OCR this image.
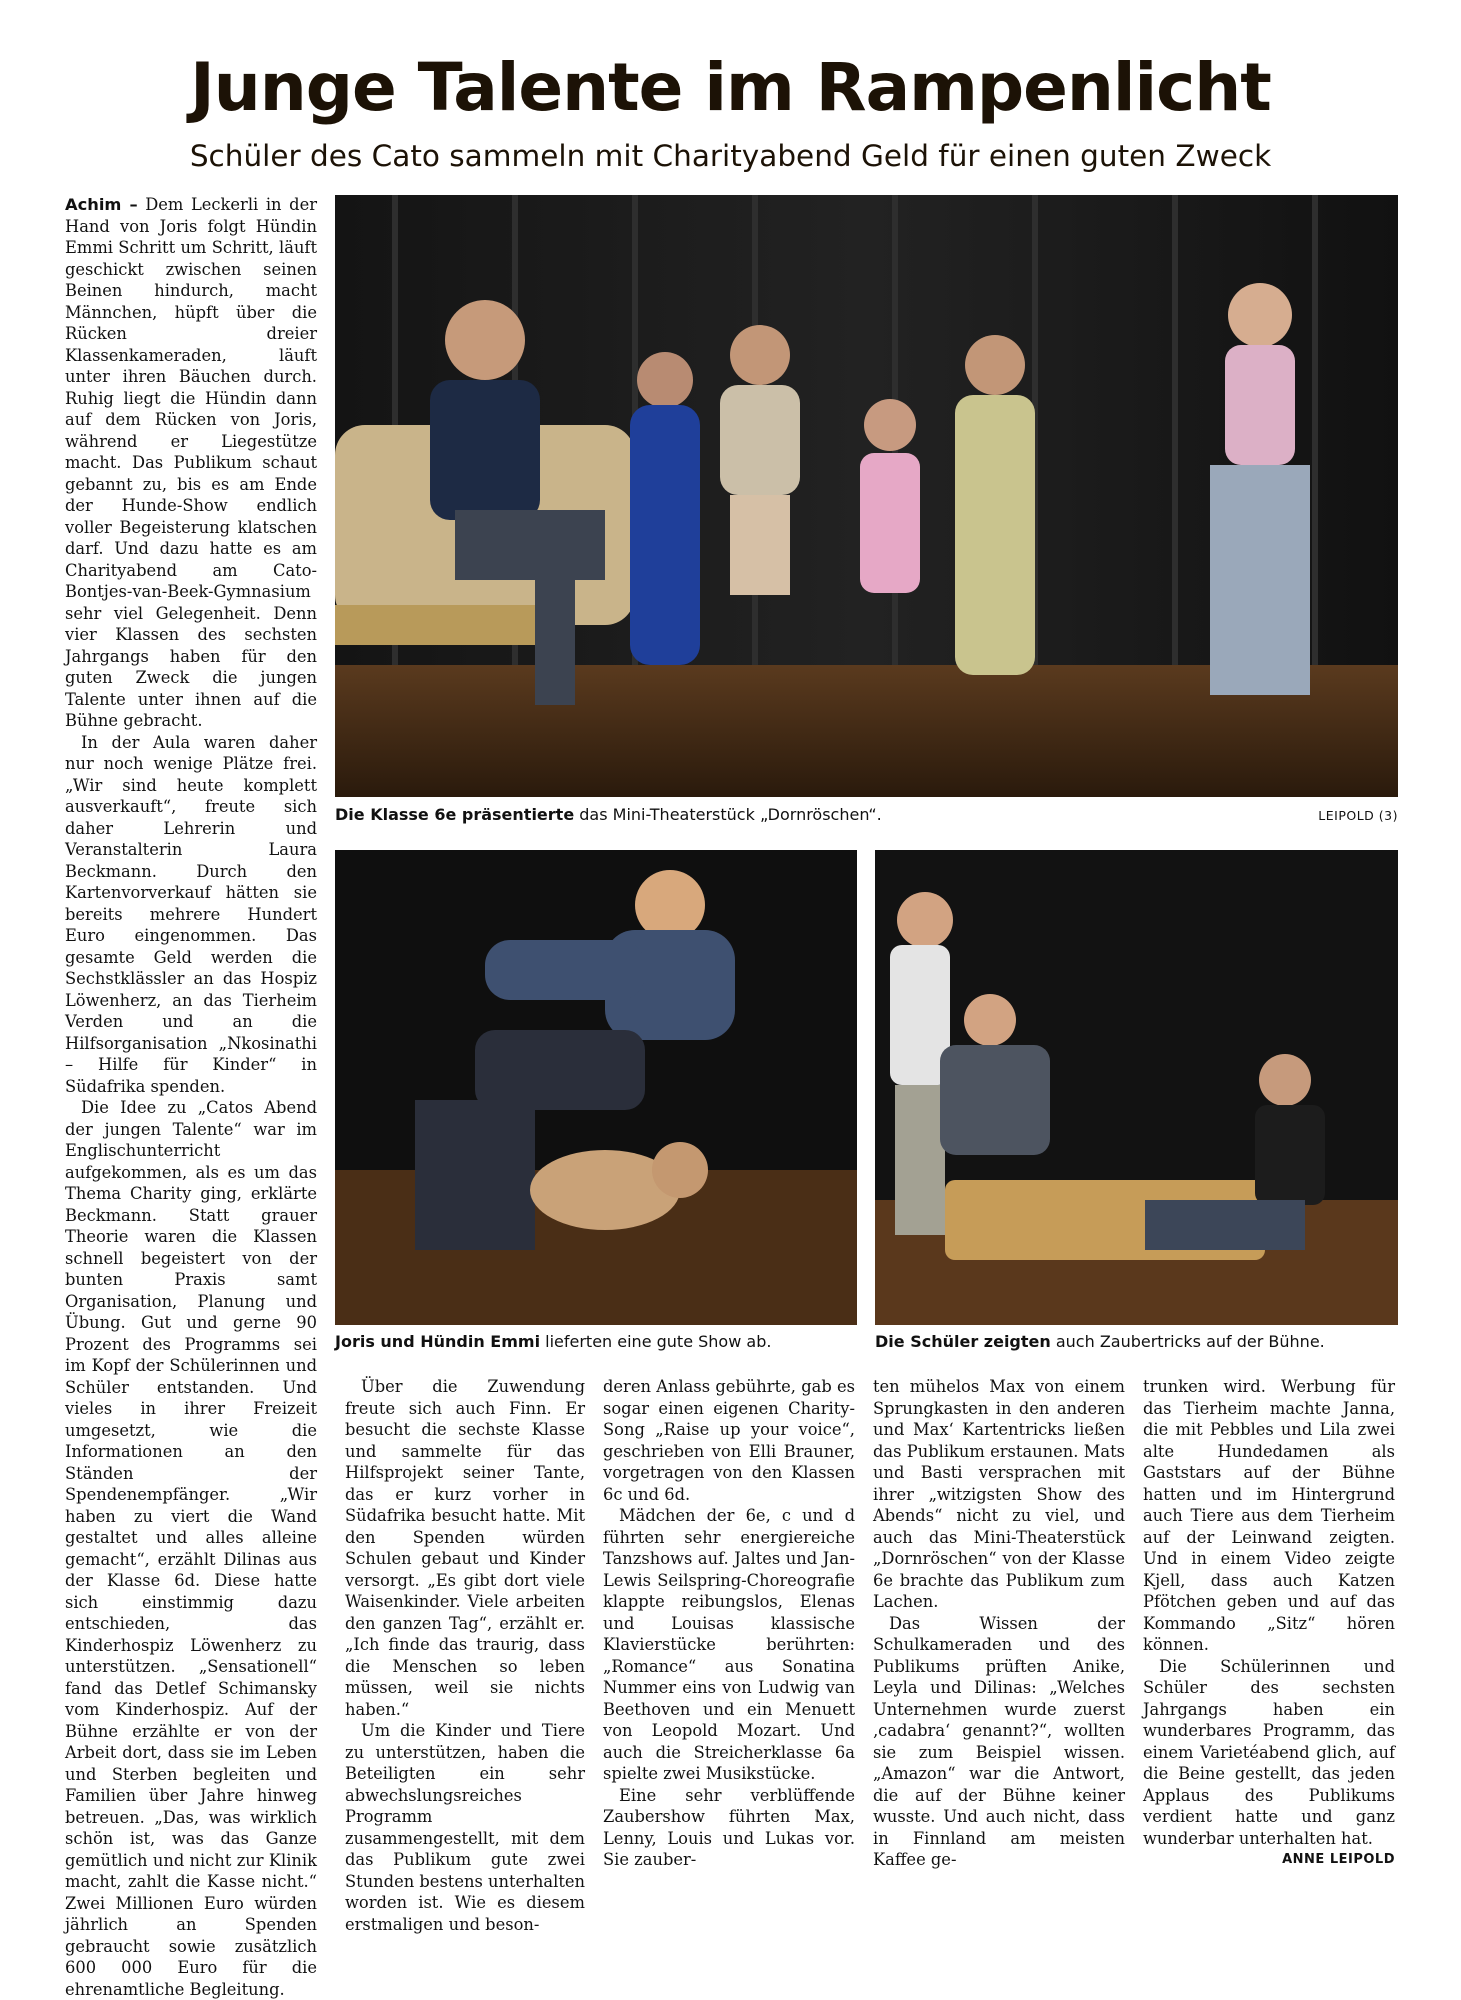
Junge Talente im Rampenlicht
Schüler des Cato sammeln mit Charityabend Geld für einen guten Zweck

Achim – Dem Leckerli in der Hand von Joris folgt Hündin Emmi Schritt um Schritt, läuft geschickt zwischen seinen Beinen hindurch, macht Männchen, hüpft über die Rücken dreier Klassenkameraden, läuft unter ihren Bäuchen durch. Ruhig liegt die Hündin dann auf dem Rücken von Joris, während er Liegestütze macht. Das Publikum schaut gebannt zu, bis es am Ende der Hunde-Show endlich voller Begeisterung klatschen darf. Und dazu hatte es am Charityabend am Cato-Bontjes-van-Beek-Gymnasium sehr viel Gelegenheit. Denn vier Klassen des sechsten Jahrgangs haben für den guten Zweck die jungen Talente unter ihnen auf die Bühne gebracht.

In der Aula waren daher nur noch wenige Plätze frei. „Wir sind heute komplett ausverkauft“, freute sich daher Lehrerin und Veranstalterin Laura Beckmann. Durch den Kartenvorverkauf hätten sie bereits mehrere Hundert Euro eingenommen. Das gesamte Geld werden die Sechstklässler an das Hospiz Löwenherz, an das Tierheim Verden und an die Hilfsorganisation „Nkosinathi – Hilfe für Kinder“ in Südafrika spenden.

Die Idee zu „Catos Abend der jungen Talente“ war im Englischunterricht aufgekommen, als es um das Thema Charity ging, erklärte Beckmann. Statt grauer Theorie waren die Klassen schnell begeistert von der bunten Praxis samt Organisation, Planung und Übung. Gut und gerne 90 Prozent des Programms sei im Kopf der Schülerinnen und Schüler entstanden. Und vieles in ihrer Freizeit umgesetzt, wie die Informationen an den Ständen der Spendenempfänger. „Wir haben zu viert die Wand gestaltet und alles alleine gemacht“, erzählt Dilinas aus der Klasse 6d. Diese hatte sich einstimmig dazu entschieden, das Kinderhospiz Löwenherz zu unterstützen. „Sensationell“ fand das Detlef Schimansky vom Kinderhospiz. Auf der Bühne erzählte er von der Arbeit dort, dass sie im Leben und Sterben begleiten und Familien über Jahre hinweg betreuen. „Das, was wirklich schön ist, was das Ganze gemütlich und nicht zur Klinik macht, zahlt die Kasse nicht.“ Zwei Millionen Euro würden jährlich an Spenden gebraucht sowie zusätzlich 600 000 Euro für die ehrenamtliche Begleitung.

Die Klasse 6e präsentierte das Mini-Theaterstück „Dornröschen“.	LEIPOLD (3)
Joris und Hündin Emmi lieferten eine gute Show ab.	Die Schüler zeigten auch Zaubertricks auf der Bühne.

Über die Zuwendung freute sich auch Finn. Er besucht die sechste Klasse und sammelte für das Hilfsprojekt seiner Tante, das er kurz vorher in Südafrika besucht hatte. Mit den Spenden würden Schulen gebaut und Kinder versorgt. „Es gibt dort viele Waisenkinder. Viele arbeiten den ganzen Tag“, erzählt er. „Ich finde das traurig, dass die Menschen so leben müssen, weil sie nichts haben.“

Um die Kinder und Tiere zu unterstützen, haben die Beteiligten ein sehr abwechslungsreiches Programm zusammengestellt, mit dem das Publikum gute zwei Stunden bestens unterhalten worden ist. Wie es diesem erstmaligen und beson-

deren Anlass gebührte, gab es sogar einen eigenen Charity-Song „Raise up your voice“, geschrieben von Elli Brauner, vorgetragen von den Klassen 6c und 6d.

Mädchen der 6e, c und d führten sehr energiereiche Tanzshows auf. Jaltes und Jan-Lewis Seilspring-Choreografie klappte reibungslos, Elenas und Louisas klassische Klavierstücke berührten: „Romance“ aus Sonatina Nummer eins von Ludwig van Beethoven und ein Menuett von Leopold Mozart. Und auch die Streicherklasse 6a spielte zwei Musikstücke.

Eine sehr verblüffende Zaubershow führten Max, Lenny, Louis und Lukas vor. Sie zauber-

ten mühelos Max von einem Sprungkasten in den anderen und Max‘ Kartentricks ließen das Publikum erstaunen. Mats und Basti versprachen mit ihrer „witzigsten Show des Abends“ nicht zu viel, und auch das Mini-Theaterstück „Dornröschen“ von der Klasse 6e brachte das Publikum zum Lachen.

Das Wissen der Schulkameraden und des Publikums prüften Anike, Leyla und Dilinas: „Welches Unternehmen wurde zuerst ‚cadabra‘ genannt?“, wollten sie zum Beispiel wissen. „Amazon“ war die Antwort, die auf der Bühne keiner wusste. Und auch nicht, dass in Finnland am meisten Kaffee ge-

trunken wird. Werbung für das Tierheim machte Janna, die mit Pebbles und Lila zwei alte Hundedamen als Gaststars auf der Bühne hatten und im Hintergrund auch Tiere aus dem Tierheim auf der Leinwand zeigten. Und in einem Video zeigte Kjell, dass auch Katzen Pfötchen geben und auf das Kommando „Sitz“ hören können.

Die Schülerinnen und Schüler des sechsten Jahrgangs haben ein wunderbares Programm, das einem Varietéabend glich, auf die Beine gestellt, das jeden Applaus des Publikums verdient hatte und ganz wunderbar unterhalten hat.
ANNE LEIPOLD
